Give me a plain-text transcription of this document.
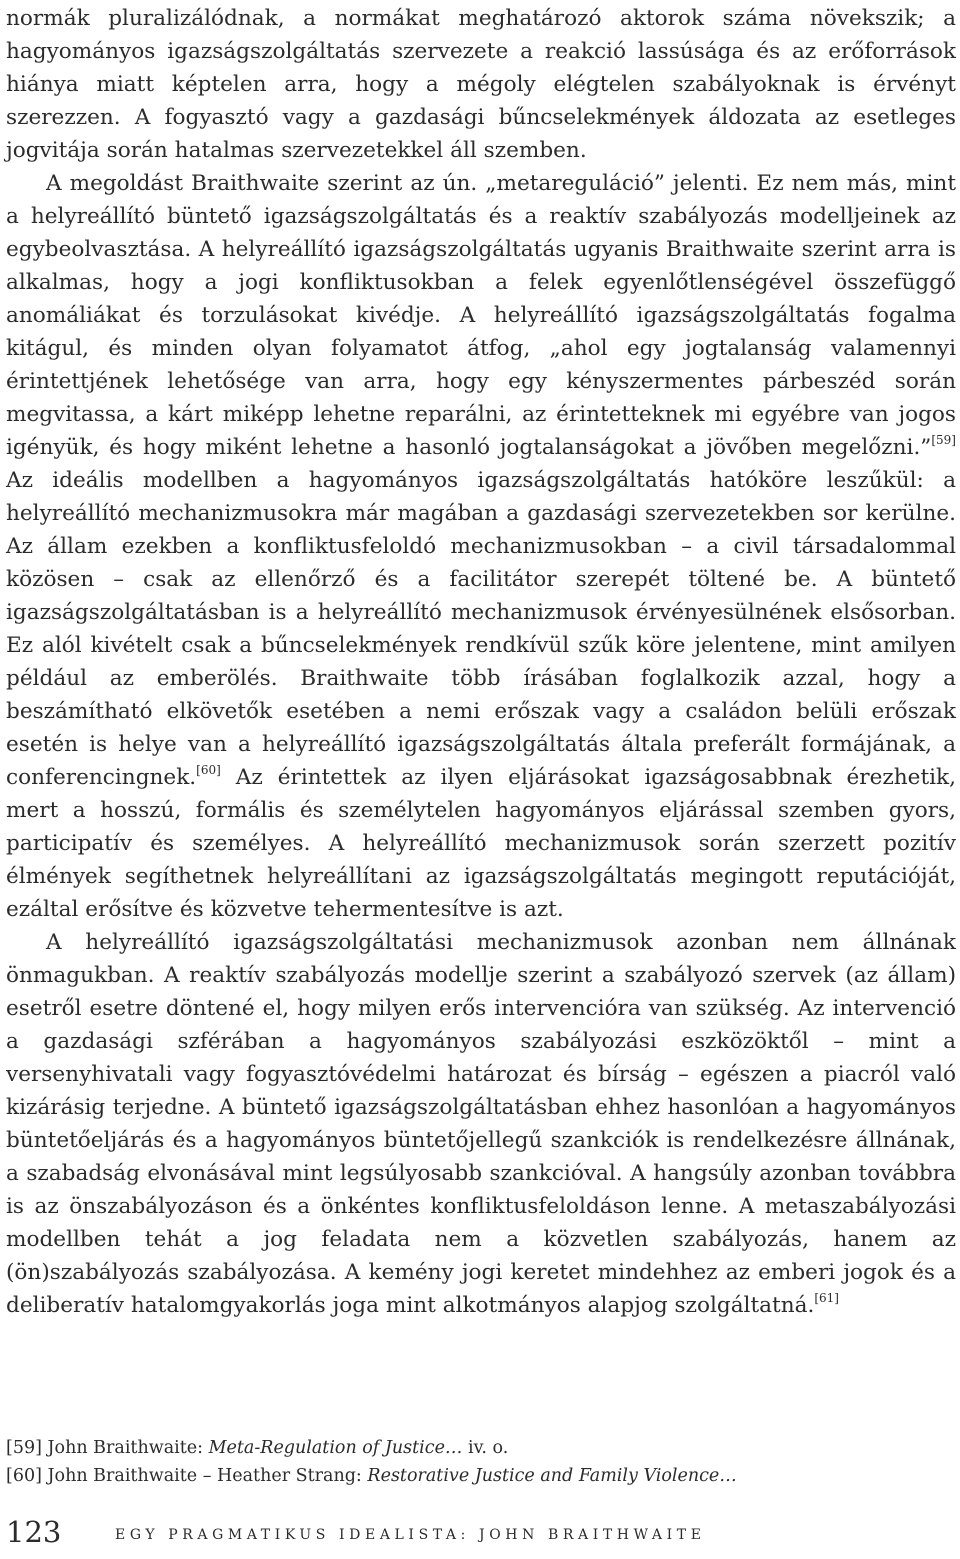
normák pluralizálódnak, a normákat meghatározó aktorok száma növekszik; a hagyományos igazságszolgáltatás szervezete a reakció lassúsága és az erőforrások hiánya miatt képtelen arra, hogy a mégoly elégtelen szabályoknak is érvényt szerezzen. A fogyasztó vagy a gazdasági bűncselekmények áldozata az esetleges jogvitája során hatalmas szervezetekkel áll szemben.

A megoldást Braithwaite szerint az ún. „metareguláció” jelenti. Ez nem más, mint a helyreállító büntető igazságszolgáltatás és a reaktív szabályozás modelljeinek az egybeolvasztása. A helyreállító igazságszolgáltatás ugyanis Braithwaite szerint arra is alkalmas, hogy a jogi konfliktusokban a felek egyenlőtlenségével összefüggő anomáliákat és torzulásokat kivédje. A helyreállító igazságszolgáltatás fogalma kitágul, és minden olyan folyamatot átfog, „ahol egy jogtalanság valamennyi érintettjének lehetősége van arra, hogy egy kényszermentes párbeszéd során megvitassa, a kárt miképp lehetne reparálni, az érintetteknek mi egyébre van jogos igényük, és hogy miként lehetne a hasonló jogtalanságokat a jövőben megelőzni.”[59] Az ideális modellben a hagyományos igazságszolgáltatás hatóköre leszűkül: a helyreállító mechanizmusokra már magában a gazdasági szervezetekben sor kerülne. Az állam ezekben a konfliktusfeloldó mechanizmusokban – a civil társadalommal közösen – csak az ellenőrző és a facilitátor szerepét töltené be. A büntető igazságszolgáltatásban is a helyreállító mechanizmusok érvényesülnének elsősorban. Ez alól kivételt csak a bűncselekmények rendkívül szűk köre jelentene, mint amilyen például az emberölés. Braithwaite több írásában foglalkozik azzal, hogy a beszámítható elkövetők esetében a nemi erőszak vagy a családon belüli erőszak esetén is helye van a helyreállító igazságszolgáltatás általa preferált formájának, a conferencingnek.[60] Az érintettek az ilyen eljárásokat igazságosabbnak érezhetik, mert a hosszú, formális és személytelen hagyományos eljárással szemben gyors, participatív és személyes. A helyreállító mechanizmusok során szerzett pozitív élmények segíthetnek helyreállítani az igazságszolgáltatás megingott reputációját, ezáltal erősítve és közvetve tehermentesítve is azt.

A helyreállító igazságszolgáltatási mechanizmusok azonban nem állnának önmagukban. A reaktív szabályozás modellje szerint a szabályozó szervek (az állam) esetről esetre döntené el, hogy milyen erős intervencióra van szükség. Az intervenció a gazdasági szférában a hagyományos szabályozási eszközöktől – mint a versenyhivatali vagy fogyasztóvédelmi határozat és bírság – egészen a piacról való kizárásig terjedne. A büntető igazságszolgáltatásban ehhez hasonlóan a hagyományos büntetőeljárás és a hagyományos büntetőjellegű szankciók is rendelkezésre állnának, a szabadság elvonásával mint legsúlyosabb szankcióval. A hangsúly azonban továbbra is az önszabályozáson és a önkéntes konfliktusfeloldáson lenne. A metaszabályozási modellben tehát a jog feladata nem a közvetlen szabályozás, hanem az (ön)szabályozás szabályozása. A kemény jogi keretet mindehhez az emberi jogok és a deliberatív hatalomgyakorlás joga mint alkotmányos alapjog szolgáltatná.[61]

[59] John Braithwaite: Meta-Regulation of Justice… iv. o.

[60] John Braithwaite – Heather Strang: Restorative Justice and Family Violence…

123	EGY PRAGMATIKUS IDEALISTA: JOHN BRAITHWAITE
